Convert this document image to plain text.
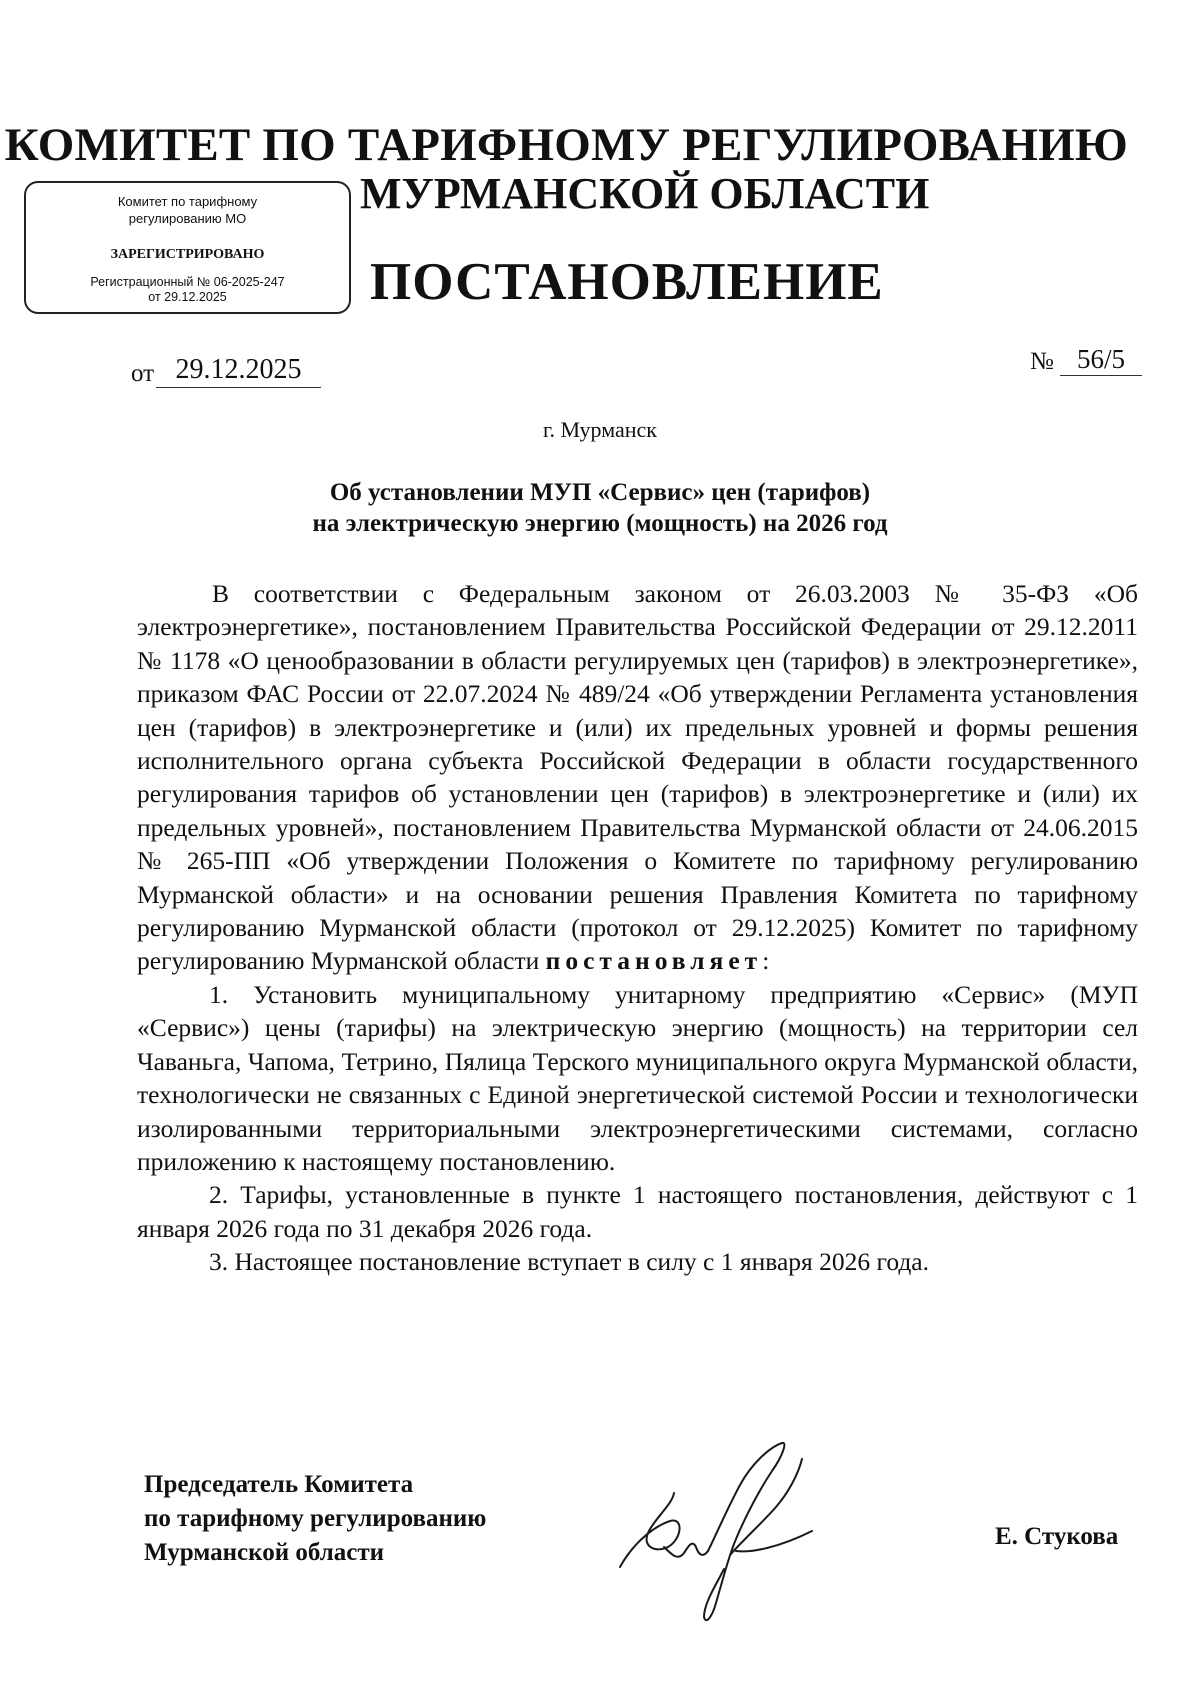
КОМИТЕТ ПО ТАРИФНОМУ РЕГУЛИРОВАНИЮ
МУРМАНСКОЙ ОБЛАСТИ
ПОСТАНОВЛЕНИЕ
Комитет по тарифному
регулированию МО
ЗАРЕГИСТРИРОВАНО
Регистрационный № 06-2025-247
от 29.12.2025
от 29.12.2025	№ 56/5
г. Мурманск
Об установлении МУП «Сервис» цен (тарифов)
на электрическую энергию (мощность) на 2026 год

В соответствии с Федеральным законом от 26.03.2003 № 35-ФЗ «Об электроэнергетике», постановлением Правительства Российской Федерации от 29.12.2011 № 1178 «О ценообразовании в области регулируемых цен (тарифов) в электроэнергетике», приказом ФАС России от 22.07.2024 № 489/24 «Об утверждении Регламента установления цен (тарифов) в электроэнергетике и (или) их предельных уровней и формы решения исполнительного органа субъекта Российской Федерации в области государственного регулирования тарифов об установлении цен (тарифов) в электроэнергетике и (или) их предельных уровней», постановлением Правительства Мурманской области от 24.06.2015 № 265-ПП «Об утверждении Положения о Комитете по тарифному регулированию Мурманской области» и на основании решения Правления Комитета по тарифному регулированию Мурманской области (протокол от 29.12.2025) Комитет по тарифному регулированию Мурманской области постановляет:

1. Установить муниципальному унитарному предприятию «Сервис» (МУП «Сервис») цены (тарифы) на электрическую энергию (мощность) на территории сел Чаваньга, Чапома, Тетрино, Пялица Терского муниципального округа Мурманской области, технологически не связанных с Единой энергетической системой России и технологически изолированными территориальными электроэнергетическими системами, согласно приложению к настоящему постановлению.

2. Тарифы, установленные в пункте 1 настоящего постановления, действуют с 1 января 2026 года по 31 декабря 2026 года.

3. Настоящее постановление вступает в силу с 1 января 2026 года.

Председатель Комитета
по тарифному регулированию
Мурманской области
Е. Стукова
